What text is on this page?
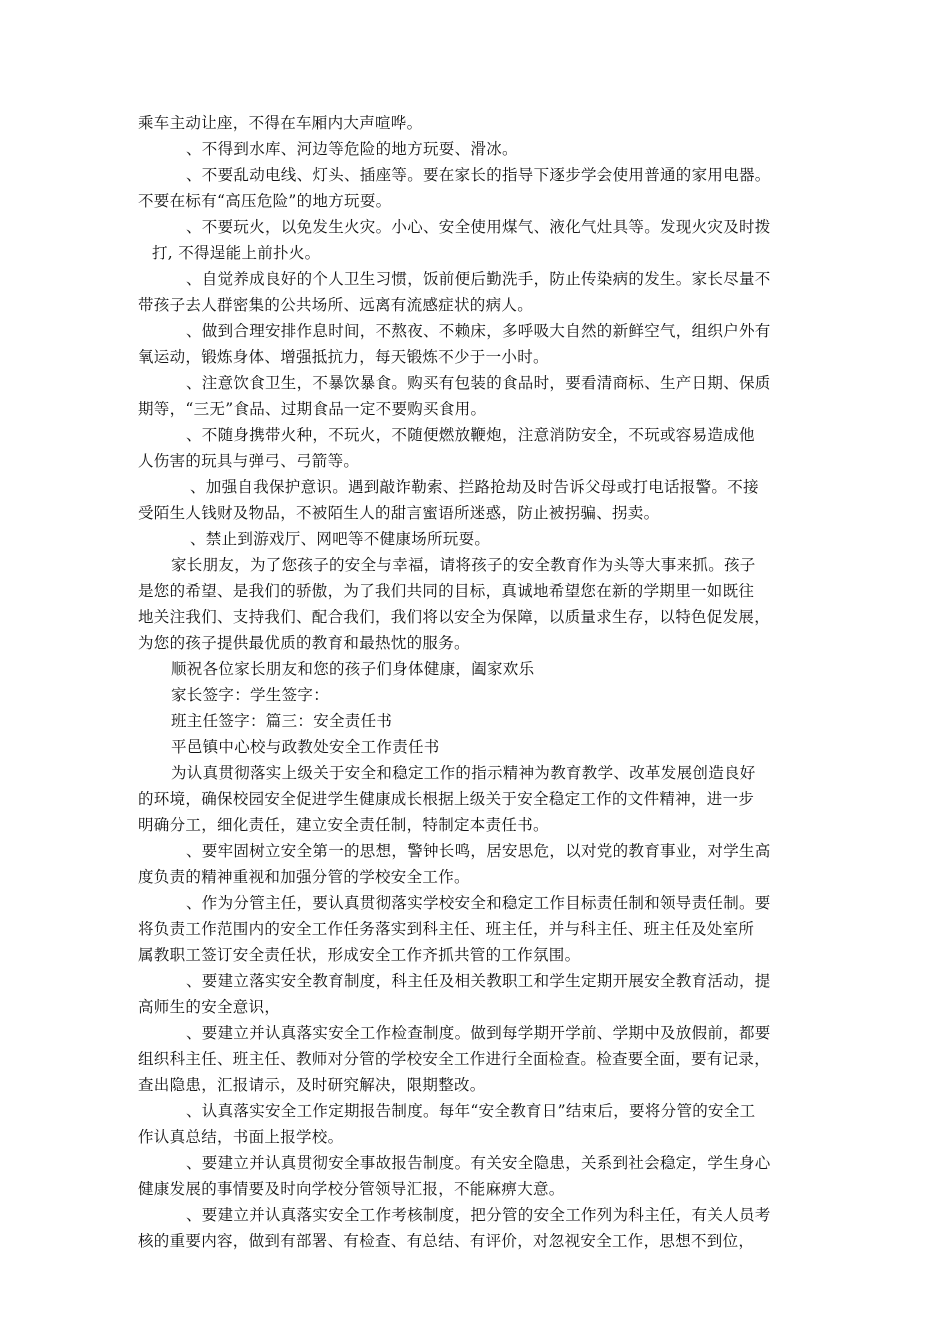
乘车主动让座，不得在车厢内大声喧哗。
、不得到水库、河边等危险的地方玩耍、滑冰。
、不要乱动电线、灯头、插座等。要在家长的指导下逐步学会使用普通的家用电器。
不要在标有“高压危险”的地方玩耍。
、不要玩火，以免发生火灾。小心、安全使用煤气、液化气灶具等。发现火灾及时拨
打, 不得逞能上前扑火。
、自觉养成良好的个人卫生习惯，饭前便后勤洗手，防止传染病的发生。家长尽量不
带孩子去人群密集的公共场所、远离有流感症状的病人。
、做到合理安排作息时间，不熬夜、不赖床，多呼吸大自然的新鲜空气，组织户外有
氧运动，锻炼身体、增强抵抗力，每天锻炼不少于一小时。
、注意饮食卫生，不暴饮暴食。购买有包装的食品时，要看清商标、生产日期、保质
期等，“三无”食品、过期食品一定不要购买食用。
、不随身携带火种，不玩火，不随便燃放鞭炮，注意消防安全，不玩或容易造成他
人伤害的玩具与弹弓、弓箭等。
、加强自我保护意识。遇到敲诈勒索、拦路抢劫及时告诉父母或打电话报警。不接
受陌生人钱财及物品，不被陌生人的甜言蜜语所迷惑，防止被拐骗、拐卖。
、禁止到游戏厅、网吧等不健康场所玩耍。
家长朋友，为了您孩子的安全与幸福，请将孩子的安全教育作为头等大事来抓。孩子
是您的希望、是我们的骄傲，为了我们共同的目标，真诚地希望您在新的学期里一如既往
地关注我们、支持我们、配合我们，我们将以安全为保障，以质量求生存，以特色促发展，
为您的孩子提供最优质的教育和最热忱的服务。
顺祝各位家长朋友和您的孩子们身体健康，阖家欢乐
家长签字：学生签字：
班主任签字：篇三：安全责任书
平邑镇中心校与政教处安全工作责任书
为认真贯彻落实上级关于安全和稳定工作的指示精神为教育教学、改革发展创造良好
的环境，确保校园安全促进学生健康成长根据上级关于安全稳定工作的文件精神，进一步
明确分工，细化责任，建立安全责任制，特制定本责任书。
、要牢固树立安全第一的思想，警钟长鸣，居安思危，以对党的教育事业，对学生高
度负责的精神重视和加强分管的学校安全工作。
、作为分管主任，要认真贯彻落实学校安全和稳定工作目标责任制和领导责任制。要
将负责工作范围内的安全工作任务落实到科主任、班主任，并与科主任、班主任及处室所
属教职工签订安全责任状，形成安全工作齐抓共管的工作氛围。
、要建立落实安全教育制度，科主任及相关教职工和学生定期开展安全教育活动，提
高师生的安全意识，
、要建立并认真落实安全工作检查制度。做到每学期开学前、学期中及放假前，都要
组织科主任、班主任、教师对分管的学校安全工作进行全面检查。检查要全面，要有记录，
查出隐患，汇报请示，及时研究解决，限期整改。
、认真落实安全工作定期报告制度。每年“安全教育日”结束后，要将分管的安全工
作认真总结，书面上报学校。
、要建立并认真贯彻安全事故报告制度。有关安全隐患，关系到社会稳定，学生身心
健康发展的事情要及时向学校分管领导汇报，不能麻痹大意。
、要建立并认真落实安全工作考核制度，把分管的安全工作列为科主任，有关人员考
核的重要内容，做到有部署、有检查、有总结、有评价，对忽视安全工作，思想不到位，
